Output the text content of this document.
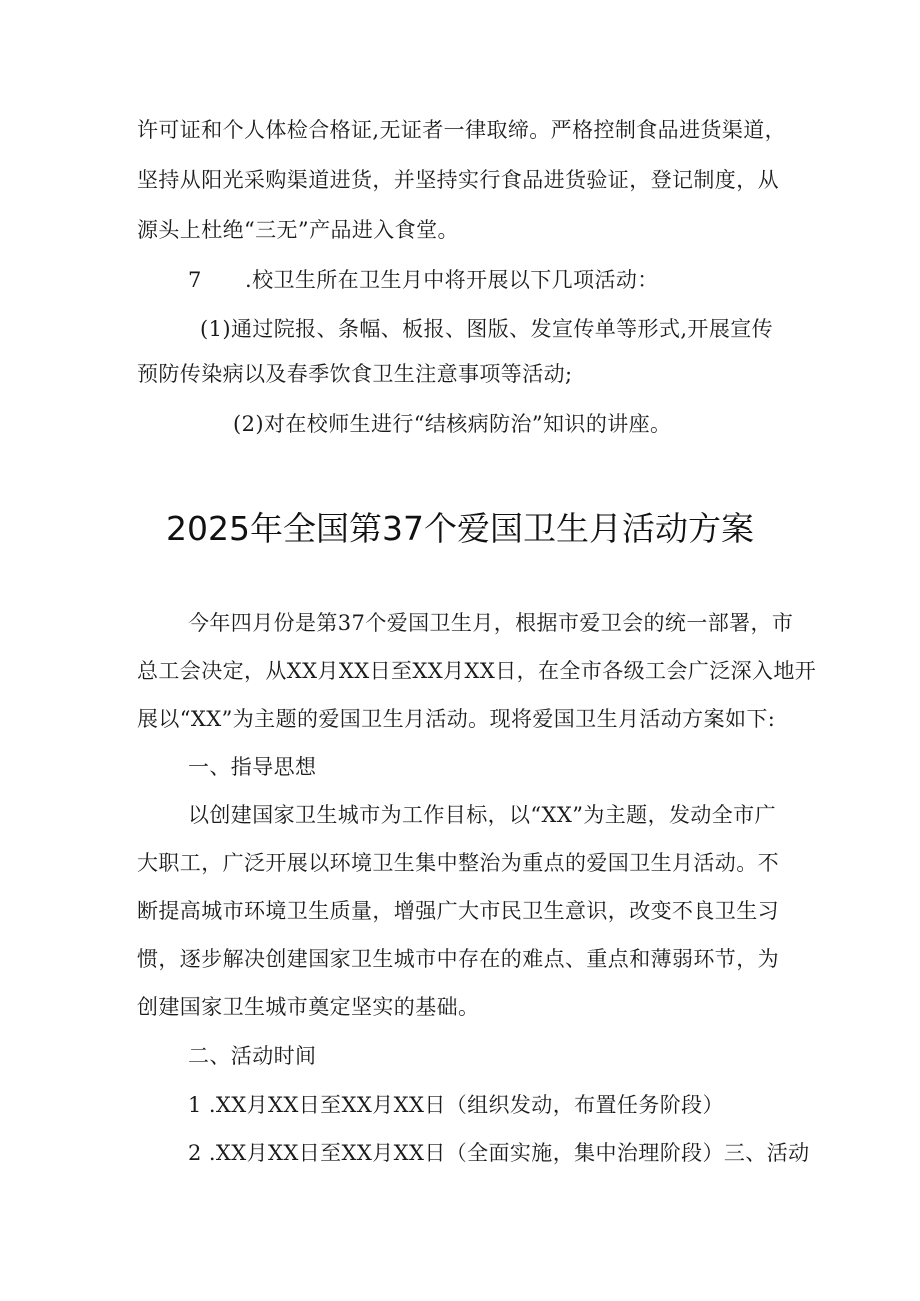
许可证和个人体检合格证,无证者一律取缔。严格控制食品进货渠道，
坚持从阳光采购渠道进货，并坚持实行食品进货验证，登记制度，从
源头上杜绝“三无”产品进入食堂。
7 .校卫生所在卫生月中将开展以下几项活动：
(1)通过院报、条幅、板报、图版、发宣传单等形式,开展宣传
预防传染病以及春季饮食卫生注意事项等活动;
(2)对在校师生进行“结核病防治”知识的讲座。
2025年全国第37个爱国卫生月活动方案
今年四月份是第37个爱国卫生月，根据市爱卫会的统一部署，市
总工会决定，从XX月XX日至XX月XX日，在全市各级工会广泛深入地开
展以“XX”为主题的爱国卫生月活动。现将爱国卫生月活动方案如下:
一、指导思想
以创建国家卫生城市为工作目标，以“XX”为主题，发动全市广
大职工，广泛开展以环境卫生集中整治为重点的爱国卫生月活动。不
断提高城市环境卫生质量，增强广大市民卫生意识，改变不良卫生习
惯，逐步解决创建国家卫生城市中存在的难点、重点和薄弱环节，为
创建国家卫生城市奠定坚实的基础。
二、活动时间
1 .XX月XX日至XX月XX日（组织发动，布置任务阶段）
2 .XX月XX日至XX月XX日（全面实施，集中治理阶段）三、活动
